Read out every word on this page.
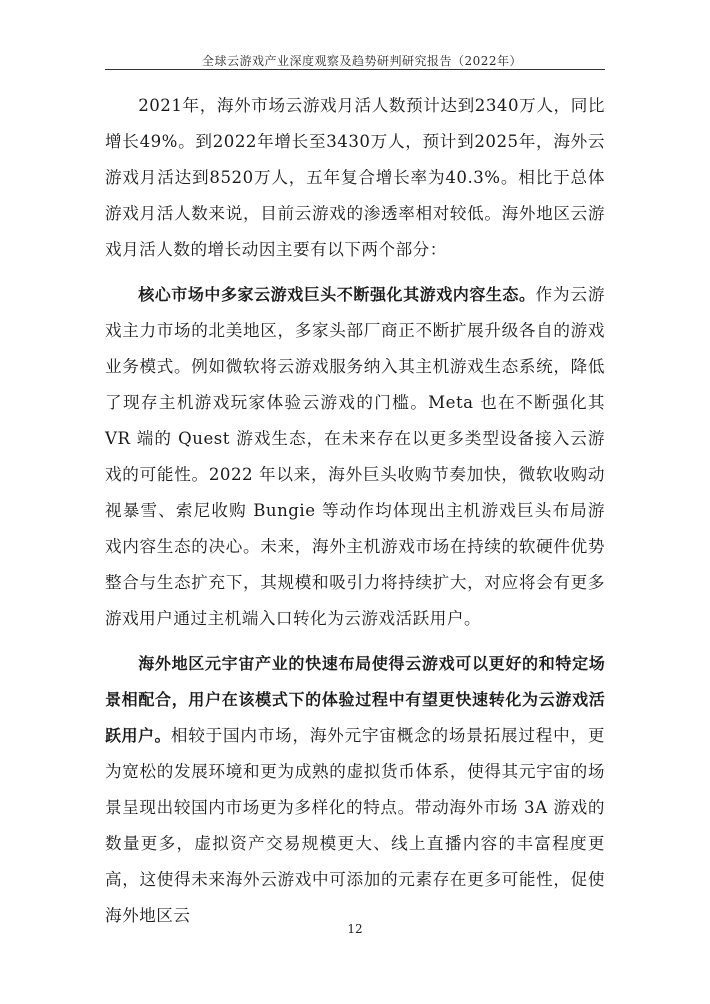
全球云游戏产业深度观察及趋势研判研究报告（2022年）

2021年，海外市场云游戏月活人数预计达到2340万人，同比增长49%。到2022年增长至3430万人，预计到2025年，海外云游戏月活达到8520万人，五年复合增长率为40.3%。相比于总体游戏月活人数来说，目前云游戏的渗透率相对较低。海外地区云游戏月活人数的增长动因主要有以下两个部分：

核心市场中多家云游戏巨头不断强化其游戏内容生态。作为云游戏主力市场的北美地区，多家头部厂商正不断扩展升级各自的游戏业务模式。例如微软将云游戏服务纳入其主机游戏生态系统，降低了现存主机游戏玩家体验云游戏的门槛。Meta 也在不断强化其 VR 端的 Quest 游戏生态，在未来存在以更多类型设备接入云游戏的可能性。2022 年以来，海外巨头收购节奏加快，微软收购动视暴雪、索尼收购 Bungie 等动作均体现出主机游戏巨头布局游戏内容生态的决心。未来，海外主机游戏市场在持续的软硬件优势整合与生态扩充下，其规模和吸引力将持续扩大，对应将会有更多游戏用户通过主机端入口转化为云游戏活跃用户。

海外地区元宇宙产业的快速布局使得云游戏可以更好的和特定场景相配合，用户在该模式下的体验过程中有望更快速转化为云游戏活跃用户。相较于国内市场，海外元宇宙概念的场景拓展过程中，更为宽松的发展环境和更为成熟的虚拟货币体系，使得其元宇宙的场景呈现出较国内市场更为多样化的特点。带动海外市场 3A 游戏的数量更多，虚拟资产交易规模更大、线上直播内容的丰富程度更高，这使得未来海外云游戏中可添加的元素存在更多可能性，促使海外地区云

12
